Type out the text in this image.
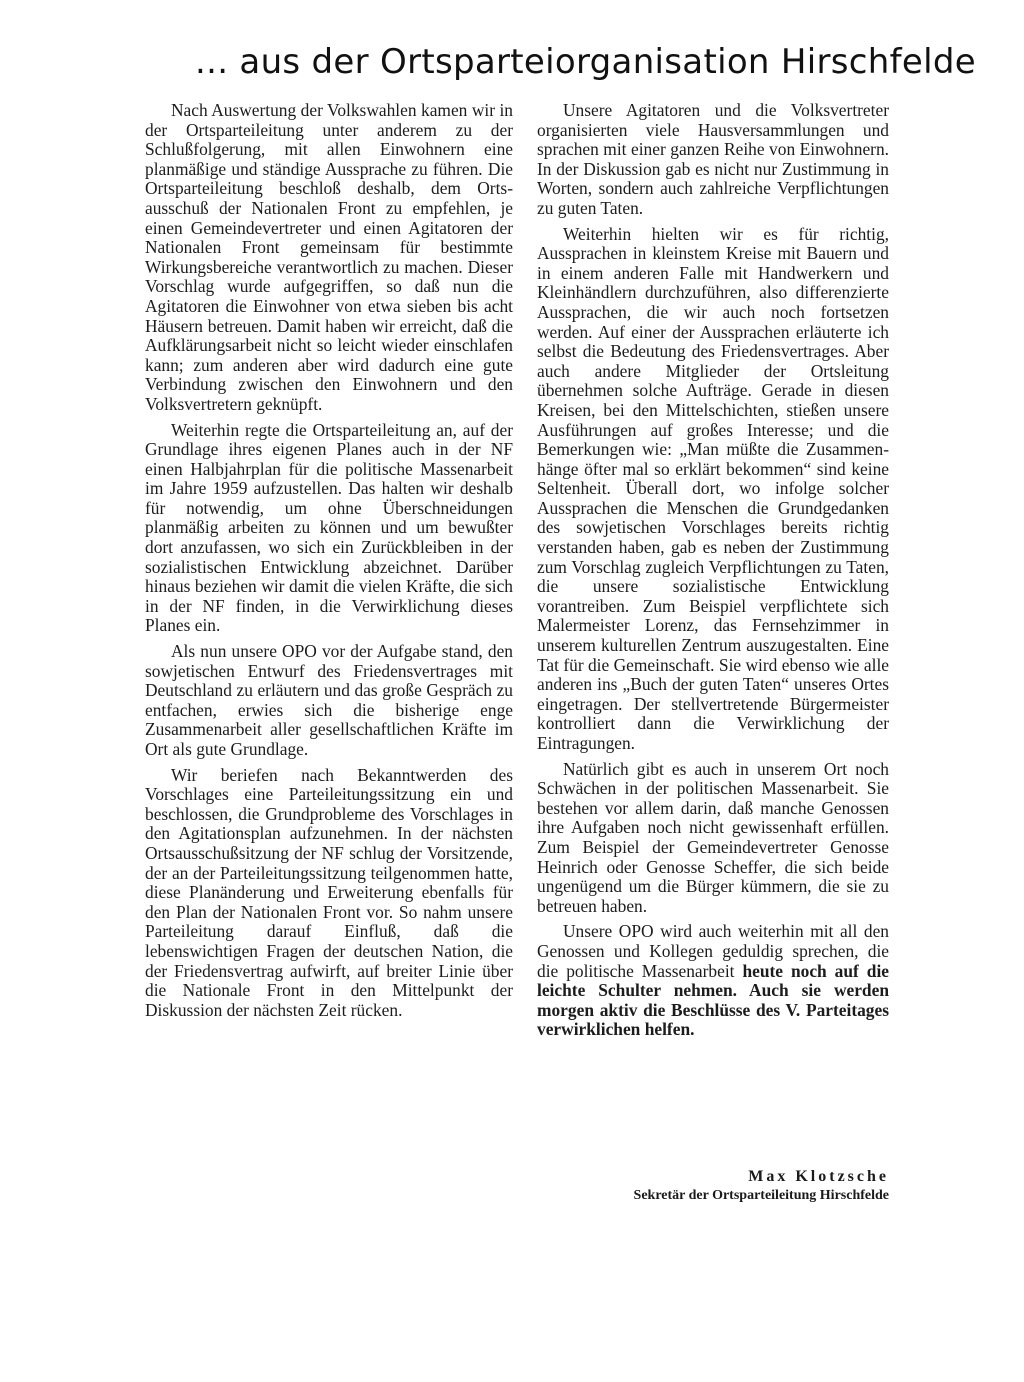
... aus der Ortsparteiorganisation Hirschfelde

Nach Auswertung der Volkswahlen kamen wir in der Ortsparteileitung unter anderem zu der Schlußfolgerung, mit allen Einwohnern eine planmäßige und ständige Aussprache zu führen. Die Ortsparteileitung beschloß deshalb, dem Ortsausschuß der Nationalen Front zu empfehlen, je einen Gemeindevertreter und einen Agitatoren der Nationalen Front gemeinsam für bestimmte Wirkungsbereiche verantwortlich zu machen. Dieser Vorschlag wurde aufgegriffen, so daß nun die Agitatoren die Einwohner von etwa sieben bis acht Häusern betreuen. Damit haben wir erreicht, daß die Aufklärungsarbeit nicht so leicht wieder einschlafen kann; zum anderen aber wird dadurch eine gute Verbindung zwischen den Einwohnern und den Volksvertretern geknüpft.

Weiterhin regte die Ortsparteileitung an, auf der Grundlage ihres eigenen Planes auch in der NF einen Halbjahrplan für die politische Massenarbeit im Jahre 1959 aufzustellen. Das halten wir deshalb für notwendig, um ohne Überschneidungen planmäßig arbeiten zu können und um bewußter dort anzufassen, wo sich ein Zurückbleiben in der sozialistischen Entwicklung abzeichnet. Darüber hinaus beziehen wir damit die vielen Kräfte, die sich in der NF finden, in die Verwirklichung dieses Planes ein.

Als nun unsere OPO vor der Aufgabe stand, den sowjetischen Entwurf des Friedensvertrages mit Deutschland zu erläutern und das große Gespräch zu entfachen, erwies sich die bisherige enge Zusammenarbeit aller gesellschaftlichen Kräfte im Ort als gute Grundlage.

Wir beriefen nach Bekanntwerden des Vorschlages eine Parteileitungssitzung ein und beschlossen, die Grundprobleme des Vorschlages in den Agitationsplan aufzunehmen. In der nächsten Ortsausschußsitzung der NF schlug der Vorsitzende, der an der Parteileitungssitzung teilgenommen hatte, diese Planänderung und Erweiterung ebenfalls für den Plan der Nationalen Front vor. So nahm unsere Parteileitung darauf Einfluß, daß die lebenswichtigen Fragen der deutschen Nation, die der Friedensvertrag aufwirft, auf breiter Linie über die Nationale Front in den Mittelpunkt der Diskussion der nächsten Zeit rücken.

Unsere Agitatoren und die Volksvertreter organisierten viele Hausversammlungen und sprachen mit einer ganzen Reihe von Einwohnern. In der Diskussion gab es nicht nur Zustimmung in Worten, sondern auch zahlreiche Verpflichtungen zu guten Taten.

Weiterhin hielten wir es für richtig, Aussprachen in kleinstem Kreise mit Bauern und in einem anderen Falle mit Handwerkern und Kleinhändlern durchzuführen, also differenzierte Aussprachen, die wir auch noch fortsetzen werden. Auf einer der Aussprachen erläuterte ich selbst die Bedeutung des Friedensvertrages. Aber auch andere Mitglieder der Ortsleitung übernehmen solche Aufträge. Gerade in diesen Kreisen, bei den Mittelschichten, stießen unsere Ausführungen auf großes Interesse; und die Bemerkungen wie: „Man müßte die Zusammenhänge öfter mal so erklärt bekommen“ sind keine Seltenheit. Überall dort, wo infolge solcher Aussprachen die Menschen die Grundgedanken des sowjetischen Vorschlages bereits richtig verstanden haben, gab es neben der Zustimmung zum Vorschlag zugleich Verpflichtungen zu Taten, die unsere sozialistische Entwicklung vorantreiben. Zum Beispiel verpflichtete sich Malermeister Lorenz, das Fernsehzimmer in unserem kulturellen Zentrum auszugestalten. Eine Tat für die Gemeinschaft. Sie wird ebenso wie alle anderen ins „Buch der guten Taten“ unseres Ortes eingetragen. Der stellvertretende Bürgermeister kontrolliert dann die Verwirklichung der Eintragungen.

Natürlich gibt es auch in unserem Ort noch Schwächen in der politischen Massenarbeit. Sie bestehen vor allem darin, daß manche Genossen ihre Aufgaben noch nicht gewissenhaft erfüllen. Zum Beispiel der Gemeindevertreter Genosse Heinrich oder Genosse Scheffer, die sich beide ungenügend um die Bürger kümmern, die sie zu betreuen haben.

Unsere OPO wird auch weiterhin mit all den Genossen und Kollegen geduldig sprechen, die die politische Massenarbeit heute noch auf die leichte Schulter nehmen. Auch sie werden morgen aktiv die Beschlüsse des V. Parteitages verwirklichen helfen.

Max Klotzsche
Sekretär der Ortsparteileitung Hirschfelde
